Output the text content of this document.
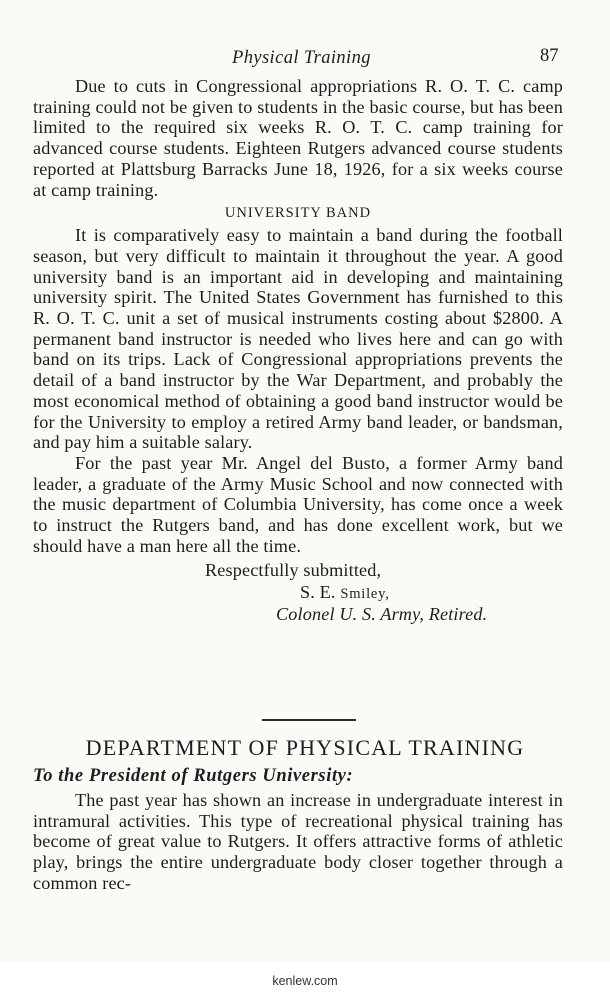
Physical Training	87

Due to cuts in Congressional appropriations R. O. T. C. camp training could not be given to students in the basic course, but has been limited to the required six weeks R. O. T. C. camp training for advanced course students. Eighteen Rutgers advanced course students reported at Plattsburg Barracks June 18, 1926, for a six weeks course at camp training.

UNIVERSITY BAND

It is comparatively easy to maintain a band during the football season, but very difficult to maintain it throughout the year. A good university band is an important aid in developing and maintaining university spirit. The United States Government has furnished to this R. O. T. C. unit a set of musical instruments costing about $2800. A permanent band instructor is needed who lives here and can go with band on its trips. Lack of Congressional appropriations prevents the detail of a band instructor by the War Department, and probably the most economical method of obtaining a good band instructor would be for the University to employ a retired Army band leader, or bandsman, and pay him a suitable salary.

For the past year Mr. Angel del Busto, a former Army band leader, a graduate of the Army Music School and now connected with the music department of Columbia University, has come once a week to instruct the Rutgers band, and has done excellent work, but we should have a man here all the time.

Respectfully submitted,
S. E. Smiley,
Colonel U. S. Army, Retired.
DEPARTMENT OF PHYSICAL TRAINING
To the President of Rutgers University:

The past year has shown an increase in undergraduate interest in intramural activities. This type of recreational physical training has become of great value to Rutgers. It offers attractive forms of athletic play, brings the entire undergraduate body closer together through a common rec-

kenlew.com
